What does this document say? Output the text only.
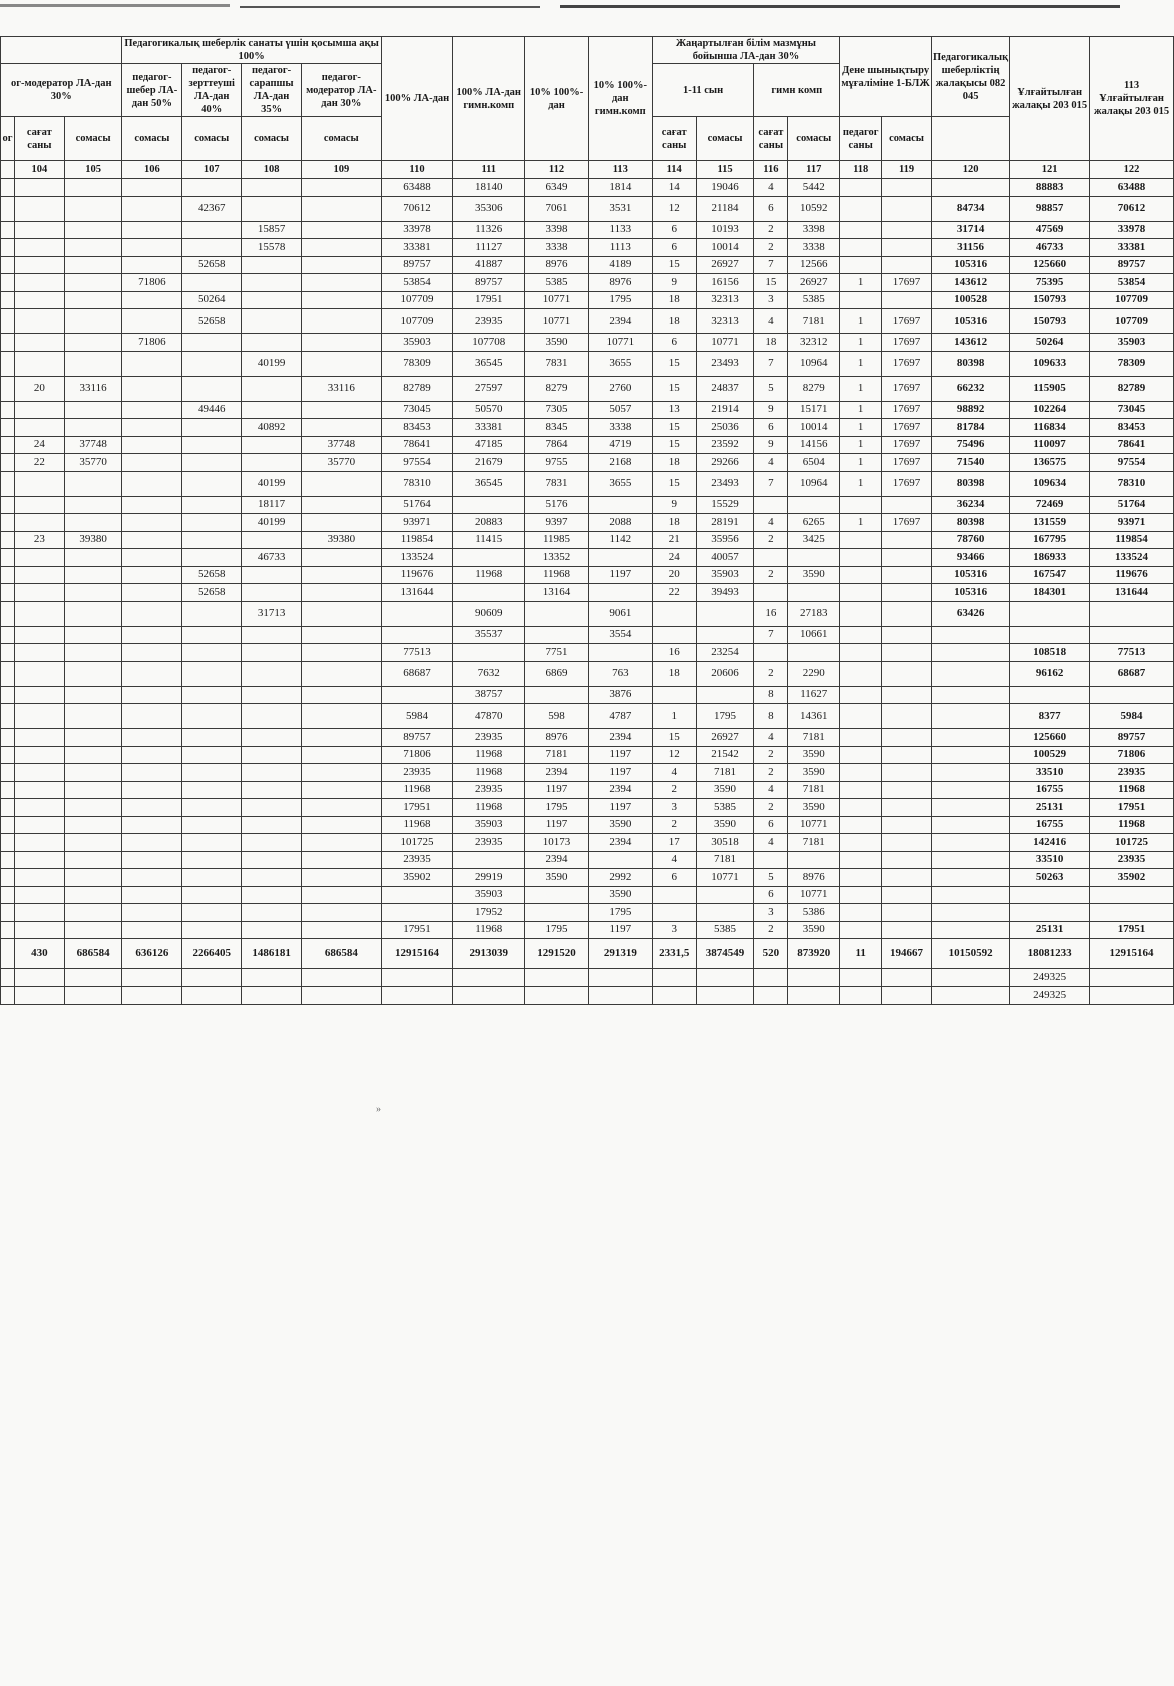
			Педагогикалық шеберлік санаты үшін қосымша ақы 100%				100% ЛА-дан	100% ЛА-дан гимн.комп	10% 100%-дан	10% 100%-дан гимн.комп	Жаңартылған білім мазмұны бойынша ЛА-дан 30%				Дене шынықтыру мұғаліміне 1-БЛЖ		Педагогикалық шеберліктің жалақысы 082 045	Ұлғайтылған жалақы 203 015	113 Ұлғайтылған жалақы 203 015
ог-модератор ЛА-дан 30%			педагог-шебер ЛА-дан 50%	педагог-зерттеуші ЛА-дан 40%	педагог-сарапшы ЛА-дан 35%	педагог-модератор ЛА-дан 30%					1-11 сын		гимн комп						
ог	сағат саны	сомасы	сомасы	сомасы	сомасы	сомасы					сағат саны	сомасы	сағат саны	сомасы	педагог саны	сомасы			
	104	105	106	107	108	109	110	111	112	113	114	115	116	117	118	119	120	121	122
							63488	18140	6349	1814	14	19046	4	5442				88883	63488
				42367			70612	35306	7061	3531	12	21184	6	10592			84734	98857	70612
					15857		33978	11326	3398	1133	6	10193	2	3398			31714	47569	33978
					15578		33381	11127	3338	1113	6	10014	2	3338			31156	46733	33381
				52658			89757	41887	8976	4189	15	26927	7	12566			105316	125660	89757
			71806				53854	89757	5385	8976	9	16156	15	26927	1	17697	143612	75395	53854
				50264			107709	17951	10771	1795	18	32313	3	5385			100528	150793	107709
				52658			107709	23935	10771	2394	18	32313	4	7181	1	17697	105316	150793	107709
			71806				35903	107708	3590	10771	6	10771	18	32312	1	17697	143612	50264	35903
					40199		78309	36545	7831	3655	15	23493	7	10964	1	17697	80398	109633	78309
	20	33116				33116	82789	27597	8279	2760	15	24837	5	8279	1	17697	66232	115905	82789
				49446			73045	50570	7305	5057	13	21914	9	15171	1	17697	98892	102264	73045
					40892		83453	33381	8345	3338	15	25036	6	10014	1	17697	81784	116834	83453
	24	37748				37748	78641	47185	7864	4719	15	23592	9	14156	1	17697	75496	110097	78641
	22	35770				35770	97554	21679	9755	2168	18	29266	4	6504	1	17697	71540	136575	97554
					40199		78310	36545	7831	3655	15	23493	7	10964	1	17697	80398	109634	78310
					18117		51764		5176		9	15529					36234	72469	51764
					40199		93971	20883	9397	2088	18	28191	4	6265	1	17697	80398	131559	93971
	23	39380				39380	119854	11415	11985	1142	21	35956	2	3425			78760	167795	119854
					46733		133524		13352		24	40057					93466	186933	133524
				52658			119676	11968	11968	1197	20	35903	2	3590			105316	167547	119676
				52658			131644		13164		22	39493					105316	184301	131644
					31713			90609		9061			16	27183			63426		
								35537		3554			7	10661					
							77513		7751		16	23254						108518	77513
							68687	7632	6869	763	18	20606	2	2290				96162	68687
								38757		3876			8	11627					
							5984	47870	598	4787	1	1795	8	14361				8377	5984
							89757	23935	8976	2394	15	26927	4	7181				125660	89757
							71806	11968	7181	1197	12	21542	2	3590				100529	71806
							23935	11968	2394	1197	4	7181	2	3590				33510	23935
							11968	23935	1197	2394	2	3590	4	7181				16755	11968
							17951	11968	1795	1197	3	5385	2	3590				25131	17951
							11968	35903	1197	3590	2	3590	6	10771				16755	11968
							101725	23935	10173	2394	17	30518	4	7181				142416	101725
							23935		2394		4	7181						33510	23935
							35902	29919	3590	2992	6	10771	5	8976				50263	35902
								35903		3590			6	10771					
								17952		1795			3	5386					
							17951	11968	1795	1197	3	5385	2	3590				25131	17951
	430	686584	636126	2266405	1486181	686584	12915164	2913039	1291520	291319	2331,5	3874549	520	873920	11	194667	10150592	18081233	12915164
																		249325	
																		249325	
»
